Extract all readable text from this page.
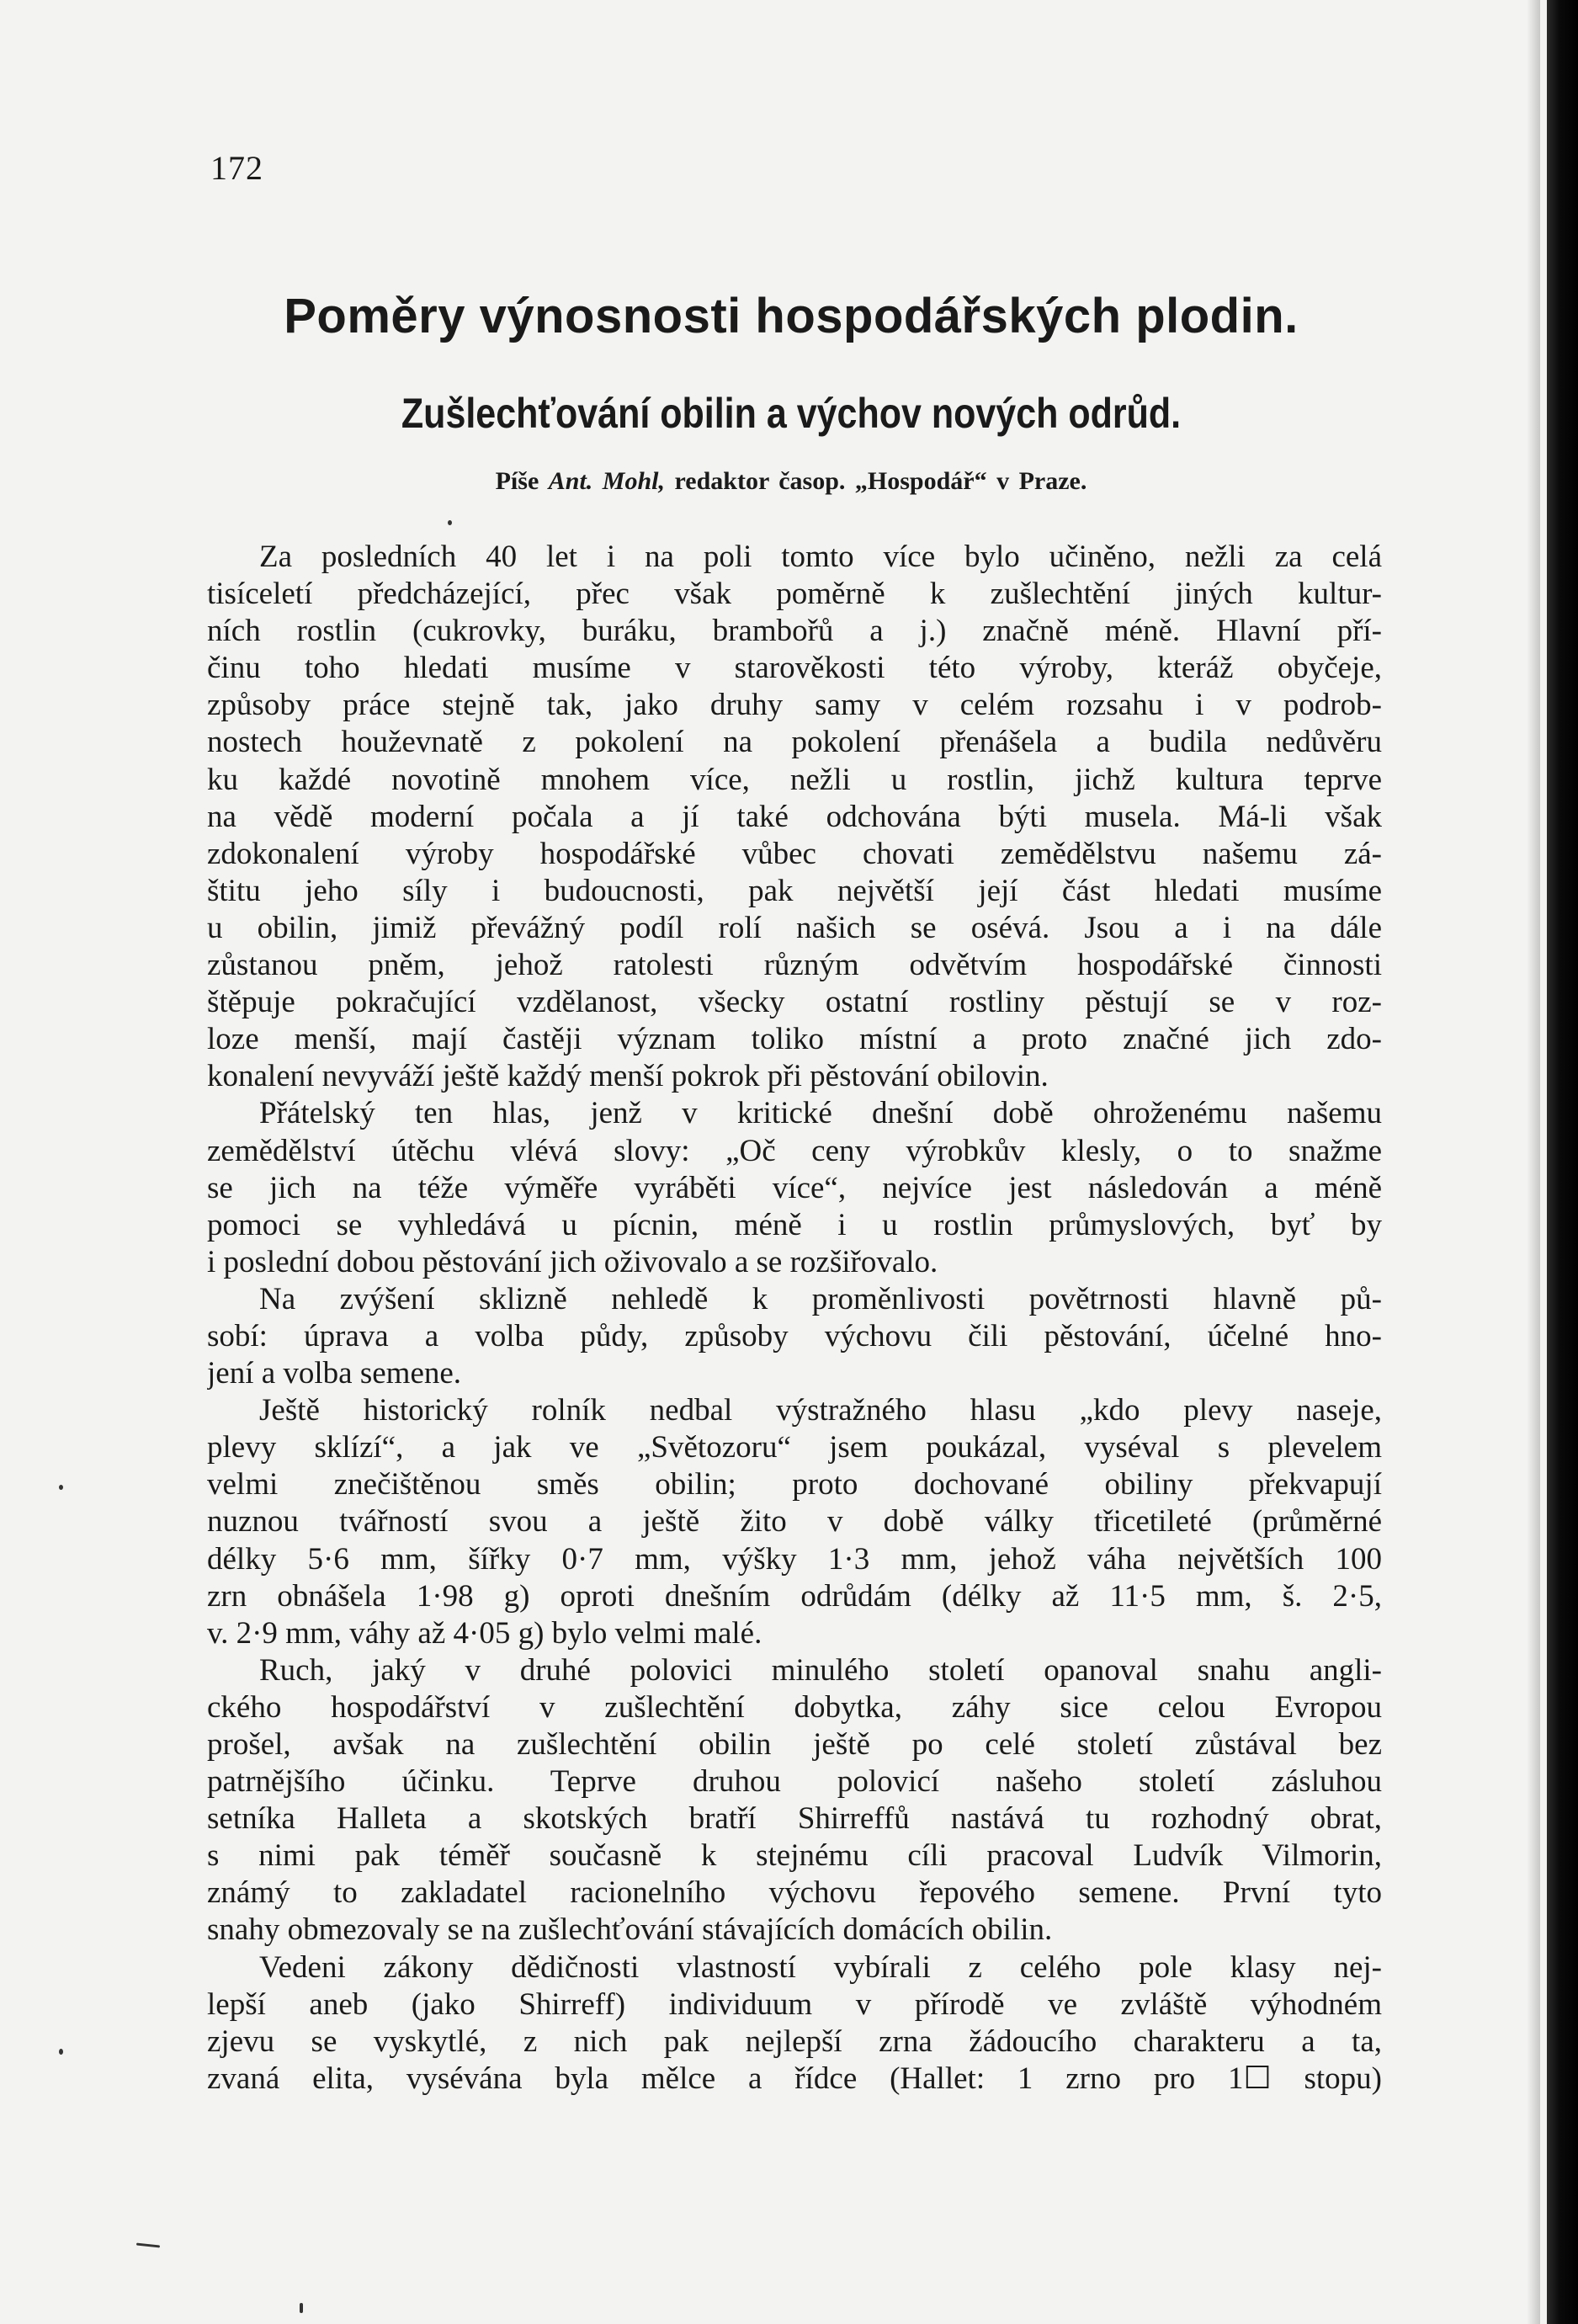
172

Poměry výnosnosti hospodářských plodin.
Zušlechťování obilin a výchov nových odrůd.

Píše Ant. Mohl, redaktor časop. „Hospodář“ v Praze.

Za posledních 40 let i na poli tomto více bylo učiněno, nežli za celá
tisíceletí předcházející, přec však poměrně k zušlechtění jiných kultur-
ních rostlin (cukrovky, buráku, brambořů a j.) značně méně. Hlavní pří-
činu toho hledati musíme v starověkosti této výroby, kteráž obyčeje,
způsoby práce stejně tak, jako druhy samy v celém rozsahu i v podrob-
nostech houževnatě z pokolení na pokolení přenášela a budila nedůvěru
ku každé novotině mnohem více, nežli u rostlin, jichž kultura teprve
na vědě moderní počala a jí také odchována býti musela. Má-li však
zdokonalení výroby hospodářské vůbec chovati zemědělstvu našemu zá-
štitu jeho síly i budoucnosti, pak největší její část hledati musíme
u obilin, jimiž převážný podíl rolí našich se osévá. Jsou a i na dále
zůstanou pněm, jehož ratolesti různým odvětvím hospodářské činnosti
štěpuje pokračující vzdělanost, všecky ostatní rostliny pěstují se v roz-
loze menší, mají častěji význam toliko místní a proto značné jich zdo-
konalení nevyváží ještě každý menší pokrok při pěstování obilovin.
Přátelský ten hlas, jenž v kritické dnešní době ohroženému našemu
zemědělství útěchu vlévá slovy: „Oč ceny výrobkův klesly, o to snažme
se jich na téže výměře vyráběti více“, nejvíce jest následován a méně
pomoci se vyhledává u pícnin, méně i u rostlin průmyslových, byť by
i poslední dobou pěstování jich oživovalo a se rozšiřovalo.
Na zvýšení sklizně nehledě k proměnlivosti povětrnosti hlavně pů-
sobí: úprava a volba půdy, způsoby výchovu čili pěstování, účelné hno-
jení a volba semene.
Ještě historický rolník nedbal výstražného hlasu „kdo plevy naseje,
plevy sklízí“, a jak ve „Světozoru“ jsem poukázal, vyséval s plevelem
velmi znečištěnou směs obilin; proto dochované obiliny překvapují
nuznou tvářností svou a ještě žito v době války třicetileté (průměrné
délky 5·6 mm, šířky 0·7 mm, výšky 1·3 mm, jehož váha největších 100
zrn obnášela 1·98 g) oproti dnešním odrůdám (délky až 11·5 mm, š. 2·5,
v. 2·9 mm, váhy až 4·05 g) bylo velmi malé.
Ruch, jaký v druhé polovici minulého století opanoval snahu angli-
ckého hospodářství v zušlechtění dobytka, záhy sice celou Evropou
prošel, avšak na zušlechtění obilin ještě po celé století zůstával bez
patrnějšího účinku. Teprve druhou polovicí našeho století zásluhou
setníka Halleta a skotských bratří Shirreffů nastává tu rozhodný obrat,
s nimi pak téměř současně k stejnému cíli pracoval Ludvík Vilmorin,
známý to zakladatel racionelního výchovu řepového semene. První tyto
snahy obmezovaly se na zušlechťování stávajících domácích obilin.
Vedeni zákony dědičnosti vlastností vybírali z celého pole klasy nej-
lepší aneb (jako Shirreff) individuum v přírodě ve zvláště výhodném
zjevu se vyskytlé, z nich pak nejlepší zrna žádoucího charakteru a ta,
zvaná elita, vysévána byla mělce a řídce (Hallet: 1 zrno pro 1☐ stopu)
